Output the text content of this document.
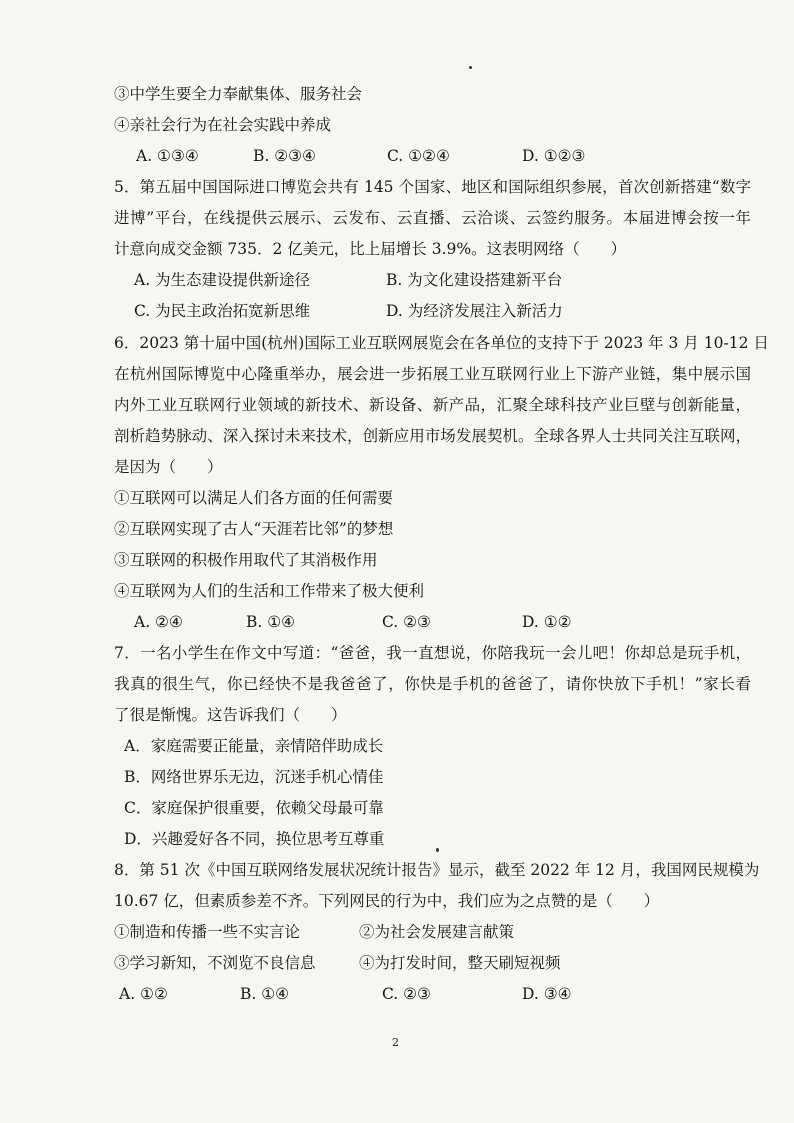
③中学生要全力奉献集体、服务社会
④亲社会行为在社会实践中养成
A. ①③④	B. ②③④	C. ①②④	D. ①②③
5．第五届中国国际进口博览会共有 145 个国家、地区和国际组织参展，首次创新搭建“数字
进博”平台，在线提供云展示、云发布、云直播、云洽谈、云签约服务。本届进博会按一年
计意向成交金额 735．2 亿美元，比上届增长 3.9%。这表明网络（　　）
A. 为生态建设提供新途径	B. 为文化建设搭建新平台
C. 为民主政治拓宽新思维	D. 为经济发展注入新活力
6．2023 第十届中国(杭州)国际工业互联网展览会在各单位的支持下于 2023 年 3 月 10-12 日
在杭州国际博览中心隆重举办，展会进一步拓展工业互联网行业上下游产业链，集中展示国
内外工业互联网行业领域的新技术、新设备、新产品，汇聚全球科技产业巨壁与创新能量，
剖析趋势脉动、深入探讨未来技术，创新应用市场发展契机。全球各界人士共同关注互联网，
是因为（　　）
①互联网可以满足人们各方面的任何需要
②互联网实现了古人“天涯若比邻”的梦想
③互联网的积极作用取代了其消极作用
④互联网为人们的生活和工作带来了极大便利
A. ②④	B. ①④	C. ②③	D. ①②
7．一名小学生在作文中写道：“爸爸，我一直想说，你陪我玩一会儿吧！你却总是玩手机，
我真的很生气，你已经快不是我爸爸了，你快是手机的爸爸了，请你快放下手机！”家长看
了很是惭愧。这告诉我们（　　）
A．家庭需要正能量，亲情陪伴助成长
B．网络世界乐无边，沉迷手机心情佳
C．家庭保护很重要，依赖父母最可靠
D．兴趣爱好各不同，换位思考互尊重
8．第 51 次《中国互联网络发展状况统计报告》显示，截至 2022 年 12 月，我国网民规模为
10.67 亿，但素质参差不齐。下列网民的行为中，我们应为之点赞的是（　　）
①制造和传播一些不实言论	②为社会发展建言献策
③学习新知，不浏览不良信息	④为打发时间，整天刷短视频
A. ①②	B. ①④	C. ②③	D. ③④
2
